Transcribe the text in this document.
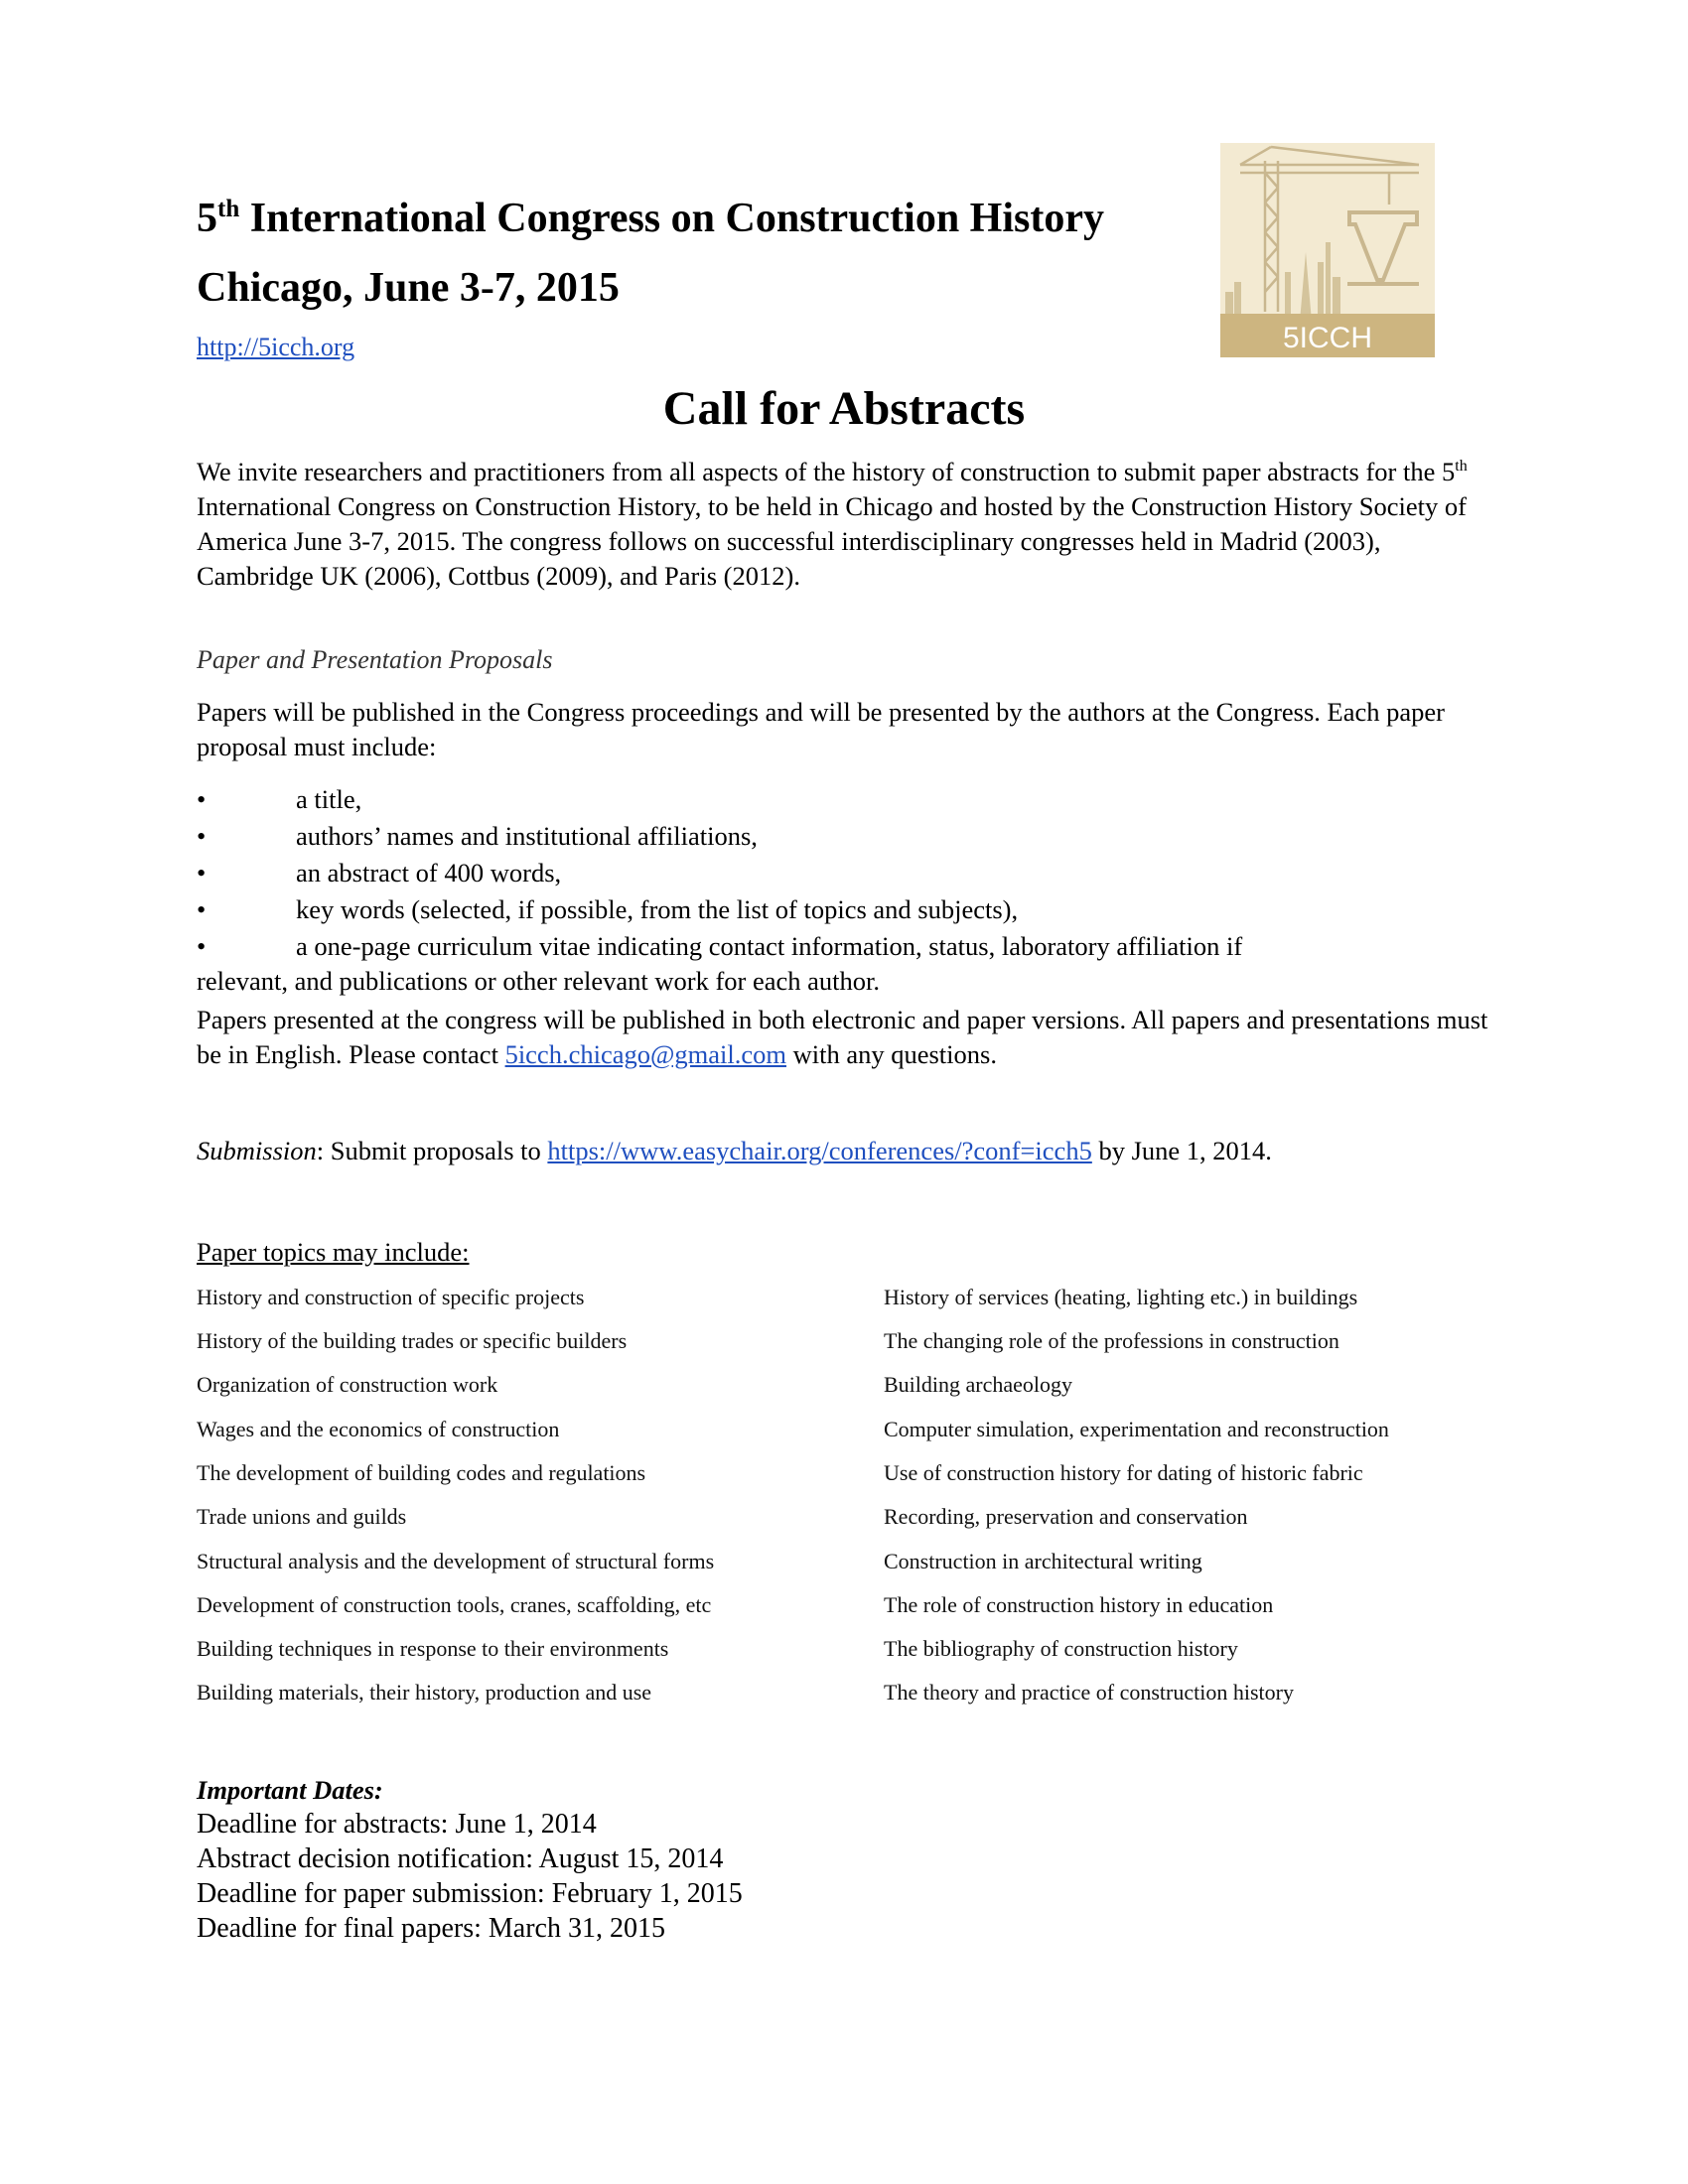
5th International Congress on Construction History
Chicago, June 3-7, 2015
http://5icch.org	5ICCH
Call for Abstracts
We invite researchers and practitioners from all aspects of the history of construction to submit paper abstracts for the 5th International Congress on Construction History, to be held in Chicago and hosted by the Construction History Society of America June 3-7, 2015. The congress follows on successful interdisciplinary congresses held in Madrid (2003), Cambridge UK (2006), Cottbus (2009), and Paris (2012).
Paper and Presentation Proposals
Papers will be published in the Congress proceedings and will be presented by the authors at the Congress. Each paper proposal must include:
•	a title,
•	authors’ names and institutional affiliations,
•	an abstract of 400 words,
•	key words (selected, if possible, from the list of topics and subjects),
•	a one-page curriculum vitae indicating contact information, status, laboratory affiliation if
relevant, and publications or other relevant work for each author.
Papers presented at the congress will be published in both electronic and paper versions. All papers and presentations must be in English. Please contact 5icch.chicago@gmail.com with any questions.
Submission: Submit proposals to https://www.easychair.org/conferences/?conf=icch5 by June 1, 2014.
Paper topics may include:
History and construction of specific projects
History of the building trades or specific builders
Organization of construction work
Wages and the economics of construction
The development of building codes and regulations
Trade unions and guilds
Structural analysis and the development of structural forms
Development of construction tools, cranes, scaffolding, etc
Building techniques in response to their environments
Building materials, their history, production and use
History of services (heating, lighting etc.) in buildings
The changing role of the professions in construction
Building archaeology
Computer simulation, experimentation and reconstruction
Use of construction history for dating of historic fabric
Recording, preservation and conservation
Construction in architectural writing
The role of construction history in education
The bibliography of construction history
The theory and practice of construction history
Important Dates:
Deadline for abstracts: June 1, 2014
Abstract decision notification: August 15, 2014
Deadline for paper submission: February 1, 2015
Deadline for final papers: March 31, 2015
